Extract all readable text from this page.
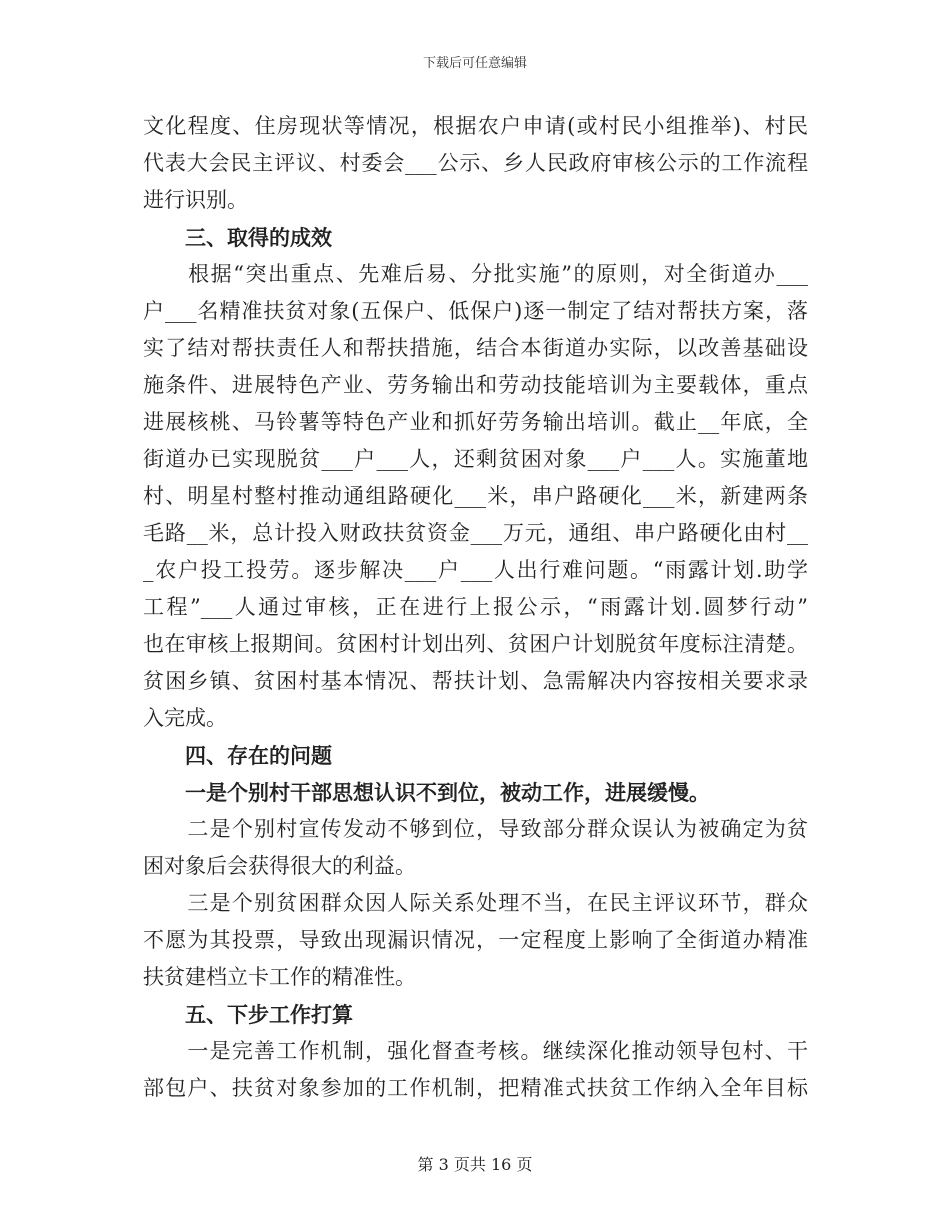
下载后可任意编辑
文化程度、住房现状等情况，根据农户申请(或村民小组推举)、村民
代表大会民主评议、村委会___公示、乡人民政府审核公示的工作流程
进行识别。
三、取得的成效
　　根据“突出重点、先难后易、分批实施”的原则，对全街道办___
户___名精准扶贫对象(五保户、低保户)逐一制定了结对帮扶方案，落
实了结对帮扶责任人和帮扶措施，结合本街道办实际，以改善基础设
施条件、进展特色产业、劳务输出和劳动技能培训为主要载体，重点
进展核桃、马铃薯等特色产业和抓好劳务输出培训。截止__年底，全
街道办已实现脱贫___户___人，还剩贫困对象___户___人。实施董地
村、明星村整村推动通组路硬化___米，串户路硬化___米，新建两条
毛路__米，总计投入财政扶贫资金___万元，通组、串户路硬化由村__
_农户投工投劳。逐步解决___户___人出行难问题。“雨露计划.助学
工程”___人通过审核，正在进行上报公示，“雨露计划.圆梦行动”
也在审核上报期间。贫困村计划出列、贫困户计划脱贫年度标注清楚。
贫困乡镇、贫困村基本情况、帮扶计划、急需解决内容按相关要求录
入完成。
四、存在的问题
　　一是个别村干部思想认识不到位，被动工作，进展缓慢。
　　二是个别村宣传发动不够到位，导致部分群众误认为被确定为贫
困对象后会获得很大的利益。
　　三是个别贫困群众因人际关系处理不当，在民主评议环节，群众
不愿为其投票，导致出现漏识情况，一定程度上影响了全街道办精准
扶贫建档立卡工作的精准性。
五、下步工作打算
　　一是完善工作机制，强化督查考核。继续深化推动领导包村、干
部包户、扶贫对象参加的工作机制，把精准式扶贫工作纳入全年目标
第 3 页共 16 页
